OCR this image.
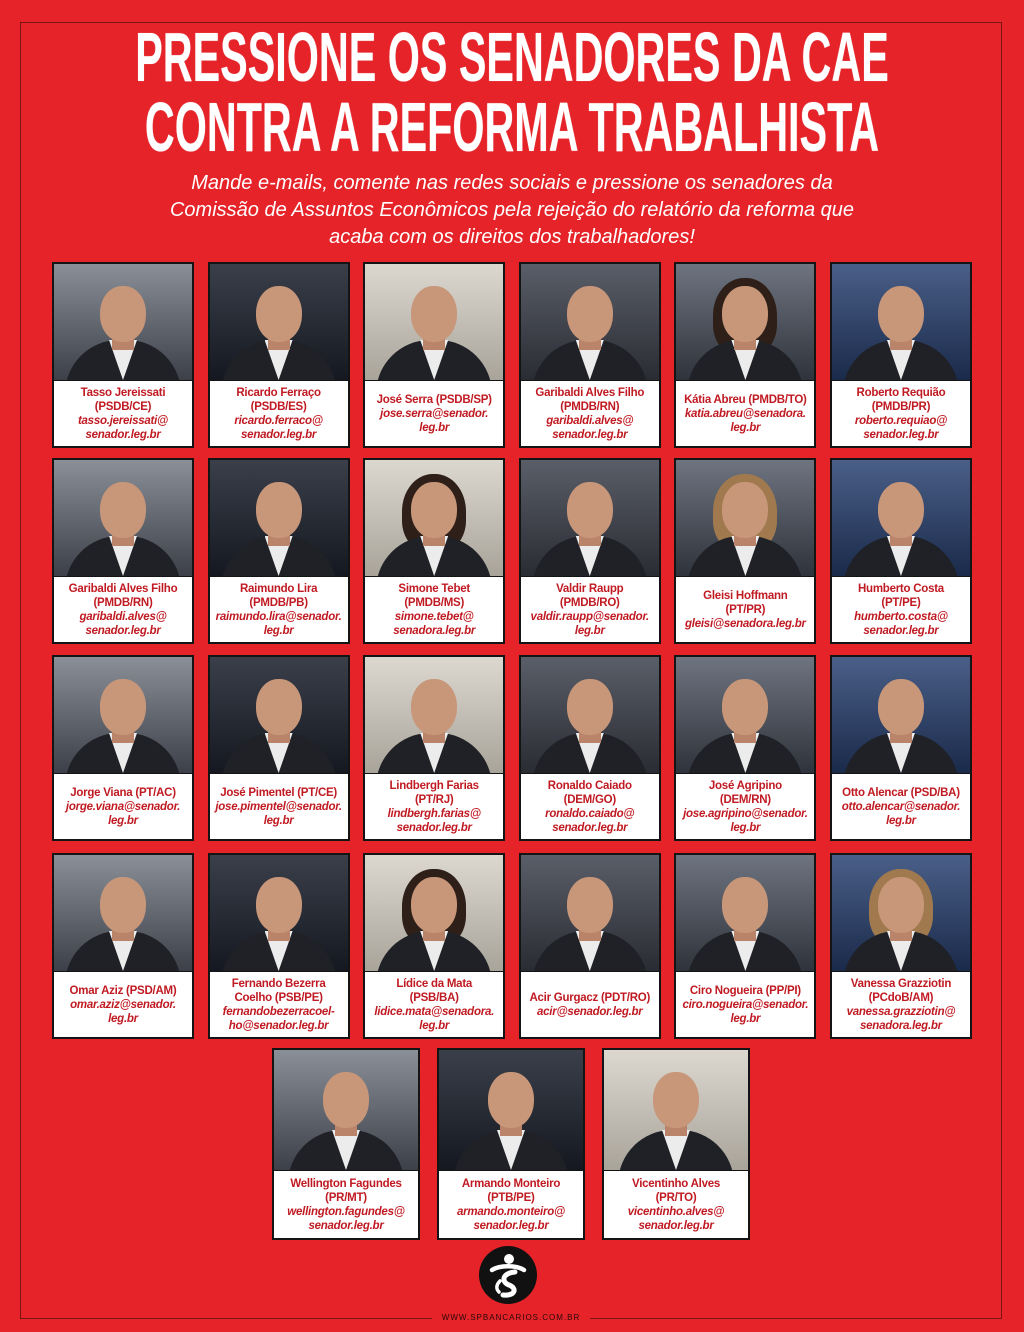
PRESSIONE OS SENADORES DA CAE
CONTRA A REFORMA TRABALHISTA
Mande e-mails, comente nas redes sociais e pressione os senadores da
Comissão de Assuntos Econômicos pela rejeição do relatório da reforma que
acaba com os direitos dos trabalhadores!
Tasso Jereissati
(PSDB/CE)
tasso.jereissati@
senador.leg.br
Ricardo Ferraço
(PSDB/ES)
ricardo.ferraco@
senador.leg.br
José Serra (PSDB/SP)
jose.serra@senador.
leg.br
Garibaldi Alves Filho
(PMDB/RN)
garibaldi.alves@
senador.leg.br
Kátia Abreu (PMDB/TO)
katia.abreu@senadora.
leg.br
Roberto Requião
(PMDB/PR)
roberto.requiao@
senador.leg.br
Garibaldi Alves Filho
(PMDB/RN)
garibaldi.alves@
senador.leg.br
Raimundo Lira
(PMDB/PB)
raimundo.lira@senador.
leg.br
Simone Tebet
(PMDB/MS)
simone.tebet@
senadora.leg.br
Valdir Raupp
(PMDB/RO)
valdir.raupp@senador.
leg.br
Gleisi Hoffmann
(PT/PR)
gleisi@senadora.leg.br
Humberto Costa
(PT/PE)
humberto.costa@
senador.leg.br
Jorge Viana (PT/AC)
jorge.viana@senador.
leg.br
José Pimentel (PT/CE)
jose.pimentel@senador.
leg.br
Lindbergh Farias
(PT/RJ)
lindbergh.farias@
senador.leg.br
Ronaldo Caiado
(DEM/GO)
ronaldo.caiado@
senador.leg.br
José Agripino
(DEM/RN)
jose.agripino@senador.
leg.br
Otto Alencar (PSD/BA)
otto.alencar@senador.
leg.br
Omar Aziz (PSD/AM)
omar.aziz@senador.
leg.br
Fernando Bezerra
Coelho (PSB/PE)
fernandobezerracoel-
ho@senador.leg.br
Lídice da Mata
(PSB/BA)
lidice.mata@senadora.
leg.br
Acir Gurgacz (PDT/RO)
acir@senador.leg.br
Ciro Nogueira (PP/PI)
ciro.nogueira@senador.
leg.br
Vanessa Grazziotin
(PCdoB/AM)
vanessa.grazziotin@
senadora.leg.br
Wellington Fagundes
(PR/MT)
wellington.fagundes@
senador.leg.br
Armando Monteiro
(PTB/PE)
armando.monteiro@
senador.leg.br
Vicentinho Alves
(PR/TO)
vicentinho.alves@
senador.leg.br
WWW.SPBANCARIOS.COM.BR
